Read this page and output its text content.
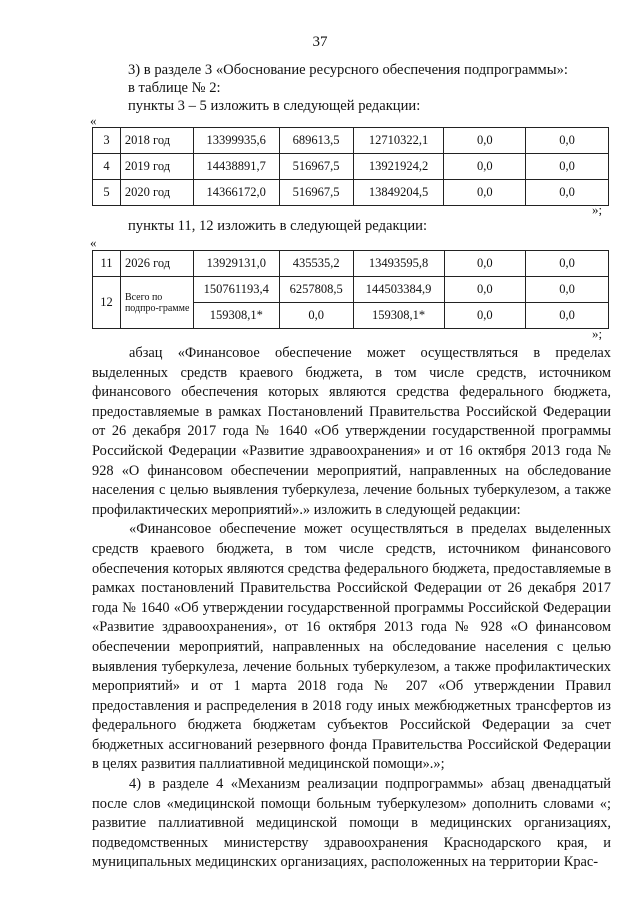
37
3) в разделе 3 «Обоснование ресурсного обеспечения подпрограммы»:
в таблице № 2:
пункты 3 – 5 изложить в следующей редакции:
«
3	2018 год	13399935,6	689613,5	12710322,1	0,0	0,0
4	2019 год	14438891,7	516967,5	13921924,2	0,0	0,0
5	2020 год	14366172,0	516967,5	13849204,5	0,0	0,0
»;
пункты 11, 12 изложить в следующей редакции:
«
11	2026 год	13929131,0	435535,2	13493595,8	0,0	0,0
12	Всего по подпро-грамме	150761193,4	6257808,5	144503384,9	0,0	0,0
		159308,1*	0,0	159308,1*	0,0	0,0
»;

абзац «Финансовое обеспечение может осуществляться в пределах выделенных средств краевого бюджета, в том числе средств, источником финансового обеспечения которых являются средства федерального бюджета, предоставляемые в рамках Постановлений Правительства Российской Федерации от 26 декабря 2017 года № 1640 «Об утверждении государственной программы Российской Федерации «Развитие здравоохранения» и от 16 октября 2013 года № 928 «О финансовом обеспечении мероприятий, направленных на обследование населения с целью выявления туберкулеза, лечение больных туберкулезом, а также профилактических мероприятий».» изложить в следующей редакции:

«Финансовое обеспечение может осуществляться в пределах выделенных средств краевого бюджета, в том числе средств, источником финансового обеспечения которых являются средства федерального бюджета, предоставляемые в рамках постановлений Правительства Российской Федерации от 26 декабря 2017 года № 1640 «Об утверждении государственной программы Российской Федерации «Развитие здравоохранения», от 16 октября 2013 года № 928 «О финансовом обеспечении мероприятий, направленных на обследование населения с целью выявления туберкулеза, лечение больных туберкулезом, а также профилактических мероприятий» и от 1 марта 2018 года № 207 «Об утверждении Правил предоставления и распределения в 2018 году иных межбюджетных трансфертов из федерального бюджета бюджетам субъектов Российской Федерации за счет бюджетных ассигнований резервного фонда Правительства Российской Федерации в целях развития паллиативной медицинской помощи».»;

4) в разделе 4 «Механизм реализации подпрограммы» абзац двенадцатый после слов «медицинской помощи больным туберкулезом» дополнить словами «; развитие паллиативной медицинской помощи в медицинских организациях, подведомственных министерству здравоохранения Краснодарского края, и муниципальных медицинских организациях, расположенных на территории Крас-
